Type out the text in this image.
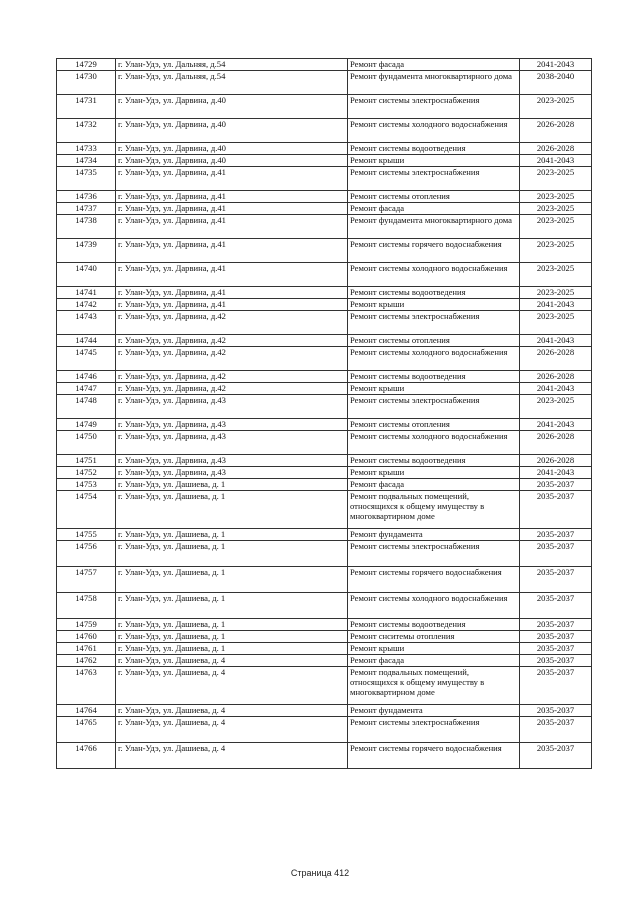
14729	г. Улан-Удэ, ул. Дальняя, д.54	Ремонт фасада	2041-2043
14730	г. Улан-Удэ, ул. Дальняя, д.54	Ремонт фундамента многоквартирного дома	2038-2040
14731	г. Улан-Удэ, ул. Дарвина, д.40	Ремонт системы электроснабжения	2023-2025
14732	г. Улан-Удэ, ул. Дарвина, д.40	Ремонт системы холодного водоснабжения	2026-2028
14733	г. Улан-Удэ, ул. Дарвина, д.40	Ремонт системы водоотведения	2026-2028
14734	г. Улан-Удэ, ул. Дарвина, д.40	Ремонт крыши	2041-2043
14735	г. Улан-Удэ, ул. Дарвина, д.41	Ремонт системы электроснабжения	2023-2025
14736	г. Улан-Удэ, ул. Дарвина, д.41	Ремонт системы отопления	2023-2025
14737	г. Улан-Удэ, ул. Дарвина, д.41	Ремонт фасада	2023-2025
14738	г. Улан-Удэ, ул. Дарвина, д.41	Ремонт фундамента многоквартирного дома	2023-2025
14739	г. Улан-Удэ, ул. Дарвина, д.41	Ремонт системы горячего водоснабжения	2023-2025
14740	г. Улан-Удэ, ул. Дарвина, д.41	Ремонт системы холодного водоснабжения	2023-2025
14741	г. Улан-Удэ, ул. Дарвина, д.41	Ремонт системы водоотведения	2023-2025
14742	г. Улан-Удэ, ул. Дарвина, д.41	Ремонт крыши	2041-2043
14743	г. Улан-Удэ, ул. Дарвина, д.42	Ремонт системы электроснабжения	2023-2025
14744	г. Улан-Удэ, ул. Дарвина, д.42	Ремонт системы отопления	2041-2043
14745	г. Улан-Удэ, ул. Дарвина, д.42	Ремонт системы холодного водоснабжения	2026-2028
14746	г. Улан-Удэ, ул. Дарвина, д.42	Ремонт системы водоотведения	2026-2028
14747	г. Улан-Удэ, ул. Дарвина, д.42	Ремонт крыши	2041-2043
14748	г. Улан-Удэ, ул. Дарвина, д.43	Ремонт системы электроснабжения	2023-2025
14749	г. Улан-Удэ, ул. Дарвина, д.43	Ремонт системы отопления	2041-2043
14750	г. Улан-Удэ, ул. Дарвина, д.43	Ремонт системы холодного водоснабжения	2026-2028
14751	г. Улан-Удэ, ул. Дарвина, д.43	Ремонт системы водоотведения	2026-2028
14752	г. Улан-Удэ, ул. Дарвина, д.43	Ремонт крыши	2041-2043
14753	г. Улан-Удэ, ул. Дашиева, д. 1	Ремонт фасада	2035-2037
14754	г. Улан-Удэ, ул. Дашиева, д. 1	Ремонт подвальных помещений, относящихся к общему имуществу в многоквартирном доме	2035-2037
14755	г. Улан-Удэ, ул. Дашиева, д. 1	Ремонт фундамента	2035-2037
14756	г. Улан-Удэ, ул. Дашиева, д. 1	Ремонт системы электроснабжения	2035-2037
14757	г. Улан-Удэ, ул. Дашиева, д. 1	Ремонт системы горячего водоснабжения	2035-2037
14758	г. Улан-Удэ, ул. Дашиева, д. 1	Ремонт системы холодного водоснабжения	2035-2037
14759	г. Улан-Удэ, ул. Дашиева, д. 1	Ремонт системы водоотведения	2035-2037
14760	г. Улан-Удэ, ул. Дашиева, д. 1	Ремонт снситемы отопления	2035-2037
14761	г. Улан-Удэ, ул. Дашиева, д. 1	Ремонт крыши	2035-2037
14762	г. Улан-Удэ, ул. Дашиева, д. 4	Ремонт фасада	2035-2037
14763	г. Улан-Удэ, ул. Дашиева, д. 4	Ремонт подвальных помещений, относящихся к общему имуществу в многоквартирном доме	2035-2037
14764	г. Улан-Удэ, ул. Дашиева, д. 4	Ремонт фундамента	2035-2037
14765	г. Улан-Удэ, ул. Дашиева, д. 4	Ремонт системы электроснабжения	2035-2037
14766	г. Улан-Удэ, ул. Дашиева, д. 4	Ремонт системы горячего водоснабжения	2035-2037
Страница 412
